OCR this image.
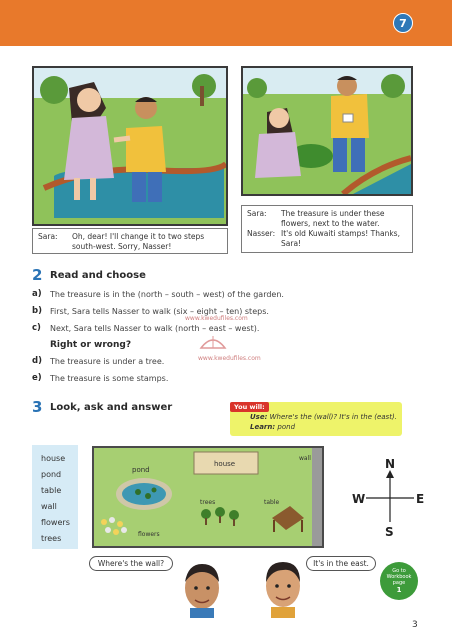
7
Sara:	Oh, dear! I'll change it to two steps south-west. Sorry, Nasser!
Sara:	The treasure is under these flowers, next to the water.
Nasser: It's old Kuwaiti stamps! Thanks, Sara!
2 Read and choose
a) The treasure is in the (north – south – west) of the garden.
b) First, Sara tells Nasser to walk (six – eight – ten) steps.
c) Next, Sara tells Nasser to walk (north – east – west).
Right or wrong?
d) The treasure is under a tree.
e) The treasure is some stamps.
www.kwedufiles.com
www.kwedufiles.com
3 Look, ask and answer	You will:
Use: Where's the (wall)? It's in the (east).
Learn: pond
house
pond
table
wall
flowers
trees
pond
house
wall
trees	table
flowers
N
S
E
W
Where's the wall?	It's in the east.
Go to
Workbook
page
1
3
